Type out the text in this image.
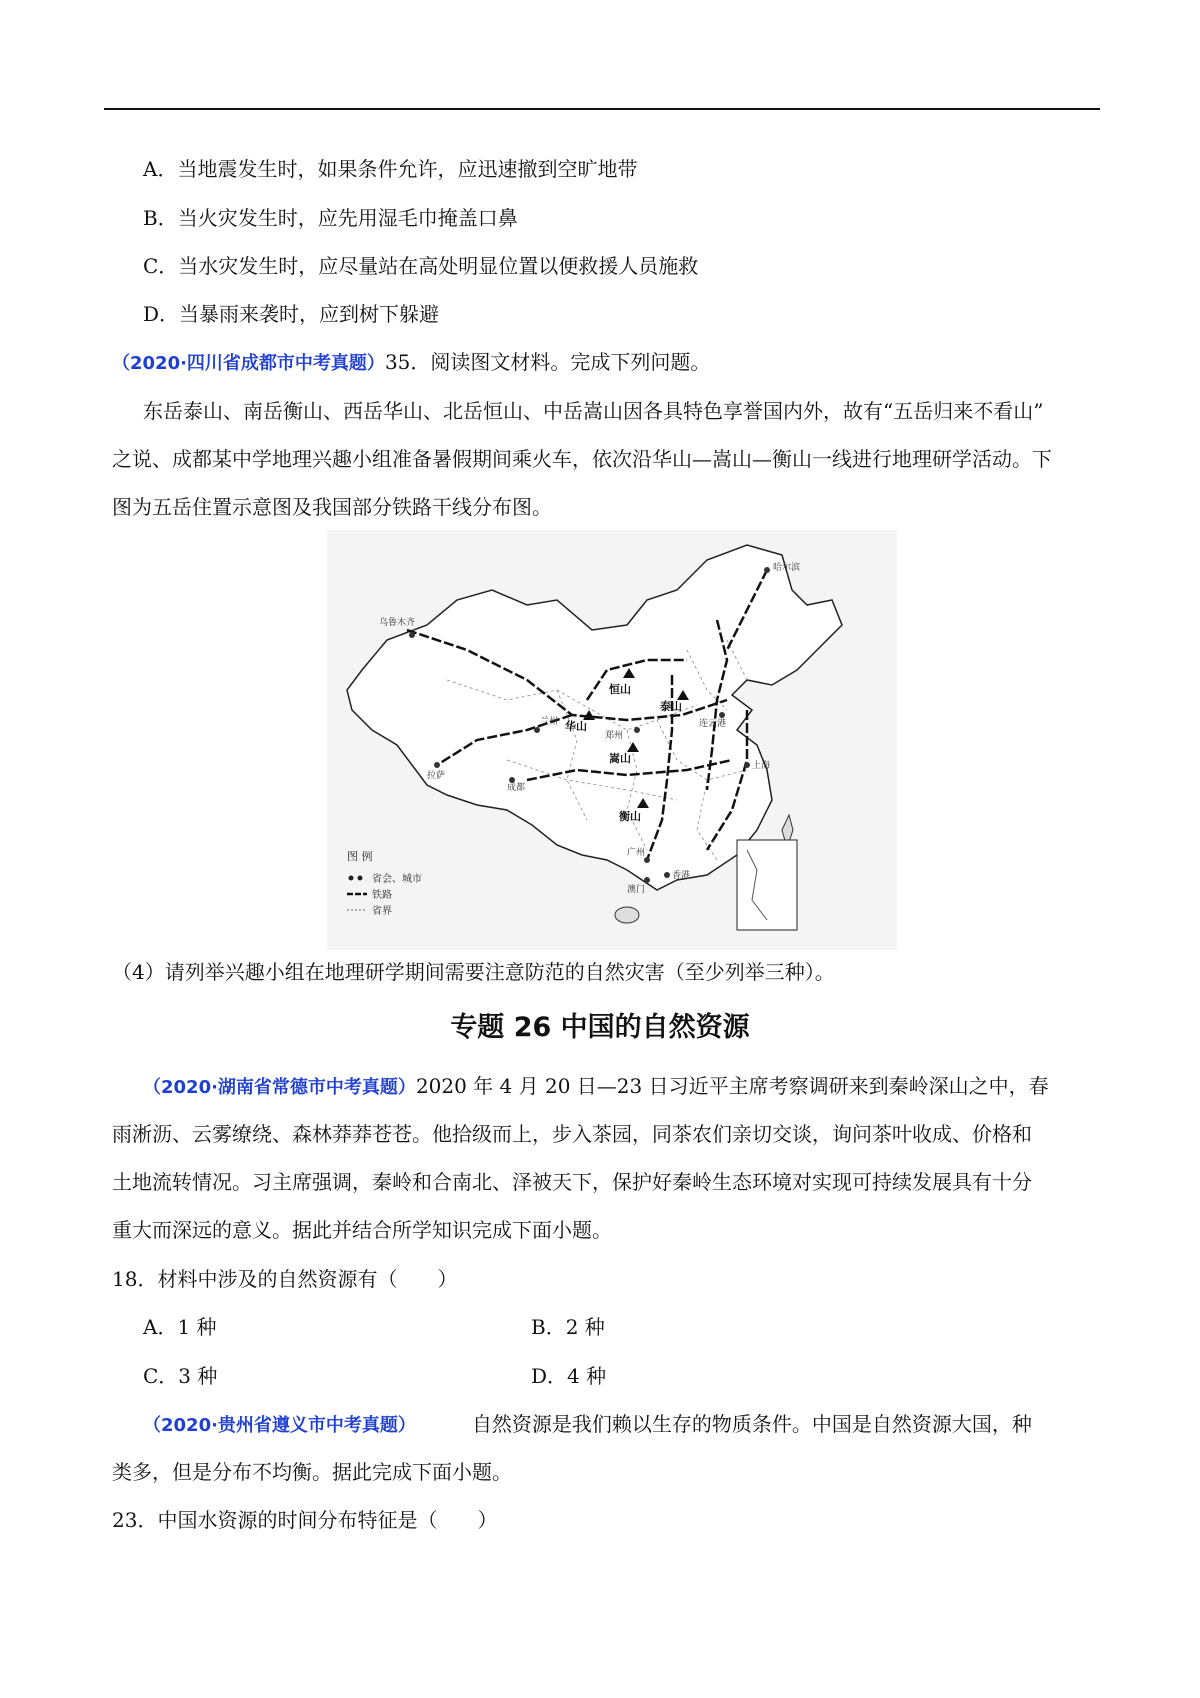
A．当地震发生时，如果条件允许，应迅速撤到空旷地带
B．当火灾发生时，应先用湿毛巾掩盖口鼻
C．当水灾发生时，应尽量站在高处明显位置以便救援人员施救
D．当暴雨来袭时，应到树下躲避
（2020·四川省成都市中考真题）35．阅读图文材料。完成下列问题。
东岳泰山、南岳衡山、西岳华山、北岳恒山、中岳嵩山因各具特色享誉国内外，故有“五岳归来不看山”
之说、成都某中学地理兴趣小组准备暑假期间乘火车，依次沿华山—嵩山—衡山一线进行地理研学活动。下
图为五岳住置示意图及我国部分铁路干线分布图。
恒山
泰山
华山
嵩山
衡山
哈尔滨
乌鲁木齐
兰州
郑州
连云港
成都
上海
拉萨
广州
香港
澳门
图 例
省会、城市
铁路
省界
（4）请列举兴趣小组在地理研学期间需要注意防范的自然灾害（至少列举三种）。
专题 26 中国的自然资源
（2020·湖南省常德市中考真题）2020 年 4 月 20 日—23 日习近平主席考察调研来到秦岭深山之中，春
雨淅沥、云雾缭绕、森林莽莽苍苍。他拾级而上，步入茶园，同茶农们亲切交谈，询问茶叶收成、价格和
土地流转情况。习主席强调，秦岭和合南北、泽被天下，保护好秦岭生态环境对实现可持续发展具有十分
重大而深远的意义。据此并结合所学知识完成下面小题。
18．材料中涉及的自然资源有（　　）
A．1 种	B．2 种
C．3 种	D．4 种
（2020·贵州省遵义市中考真题）	自然资源是我们赖以生存的物质条件。中国是自然资源大国，种
类多，但是分布不均衡。据此完成下面小题。
23．中国水资源的时间分布特征是（　　）
